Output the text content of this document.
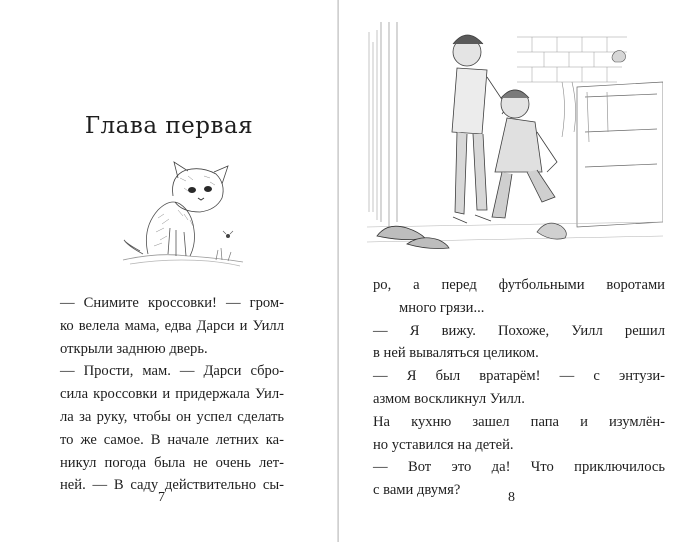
Глава первая
— Снимите кроссовки! — гром-
ко велела мама, едва Дарси и Уилл
открыли заднюю дверь.
— Прости, мам. — Дарси сбро-
сила кроссовки и придержала Уил-
ла за руку, чтобы он успел сделать
то же самое. В начале летних ка-
никул погода была не очень лет-
ней. — В саду действительно сы-
7
ро, а перед футбольными воротами
много грязи...
— Я вижу. Похоже, Уилл решил
в ней вываляться целиком.
— Я был вратарём! — с энтузи-
азмом воскликнул Уилл.
На кухню зашел папа и изумлён-
но уставился на детей.
— Вот это да! Что приключилось
с вами двумя?	8
